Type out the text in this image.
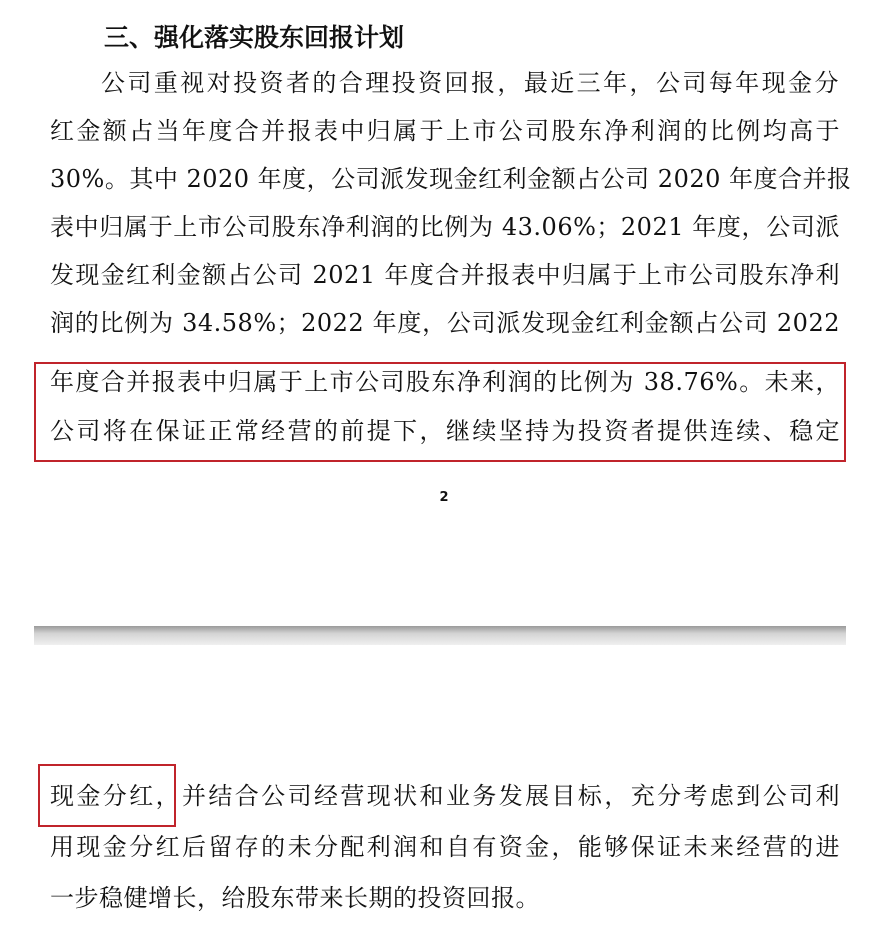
三、强化落实股东回报计划
公司重视对投资者的合理投资回报，最近三年，公司每年现金分
红金额占当年度合并报表中归属于上市公司股东净利润的比例均高于
30%。其中 2020 年度，公司派发现金红利金额占公司 2020 年度合并报
表中归属于上市公司股东净利润的比例为 43.06%；2021 年度，公司派
发现金红利金额占公司 2021 年度合并报表中归属于上市公司股东净利
润的比例为 34.58%；2022 年度，公司派发现金红利金额占公司 2022
年度合并报表中归属于上市公司股东净利润的比例为 38.76%。未来，
公司将在保证正常经营的前提下，继续坚持为投资者提供连续、稳定
2
现金分红，并结合公司经营现状和业务发展目标，充分考虑到公司利
用现金分红后留存的未分配利润和自有资金，能够保证未来经营的进
一步稳健增长，给股东带来长期的投资回报。
